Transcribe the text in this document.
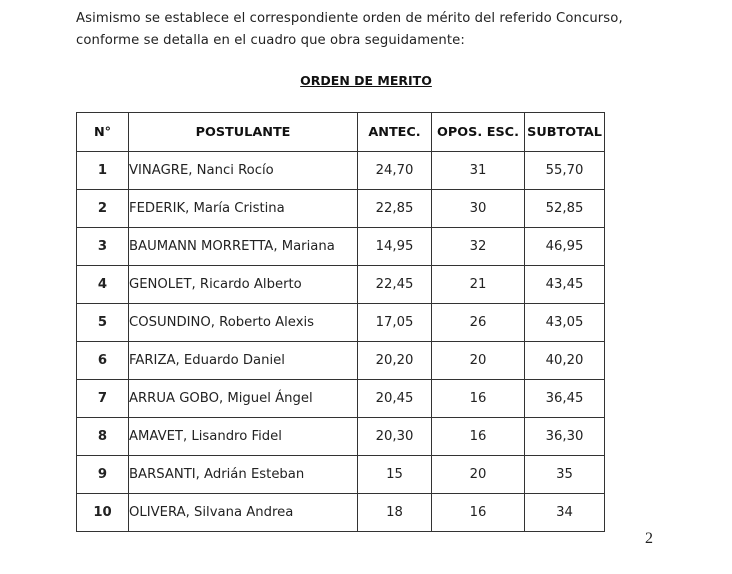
Asimismo se establece el correspondiente orden de mérito del referido Concurso, conforme se detalla en el cuadro que obra seguidamente:
ORDEN DE MERITO
N°	POSTULANTE	ANTEC.	OPOS. ESC.	SUBTOTAL
1	VINAGRE, Nanci Rocío	24,70	31	55,70
2	FEDERIK, María Cristina	22,85	30	52,85
3	BAUMANN MORRETTA, Mariana	14,95	32	46,95
4	GENOLET, Ricardo Alberto	22,45	21	43,45
5	COSUNDINO, Roberto Alexis	17,05	26	43,05
6	FARIZA, Eduardo Daniel	20,20	20	40,20
7	ARRUA GOBO, Miguel Ángel	20,45	16	36,45
8	AMAVET, Lisandro Fidel	20,30	16	36,30
9	BARSANTI, Adrián Esteban	15	20	35
10	OLIVERA, Silvana Andrea	18	16	34
2
